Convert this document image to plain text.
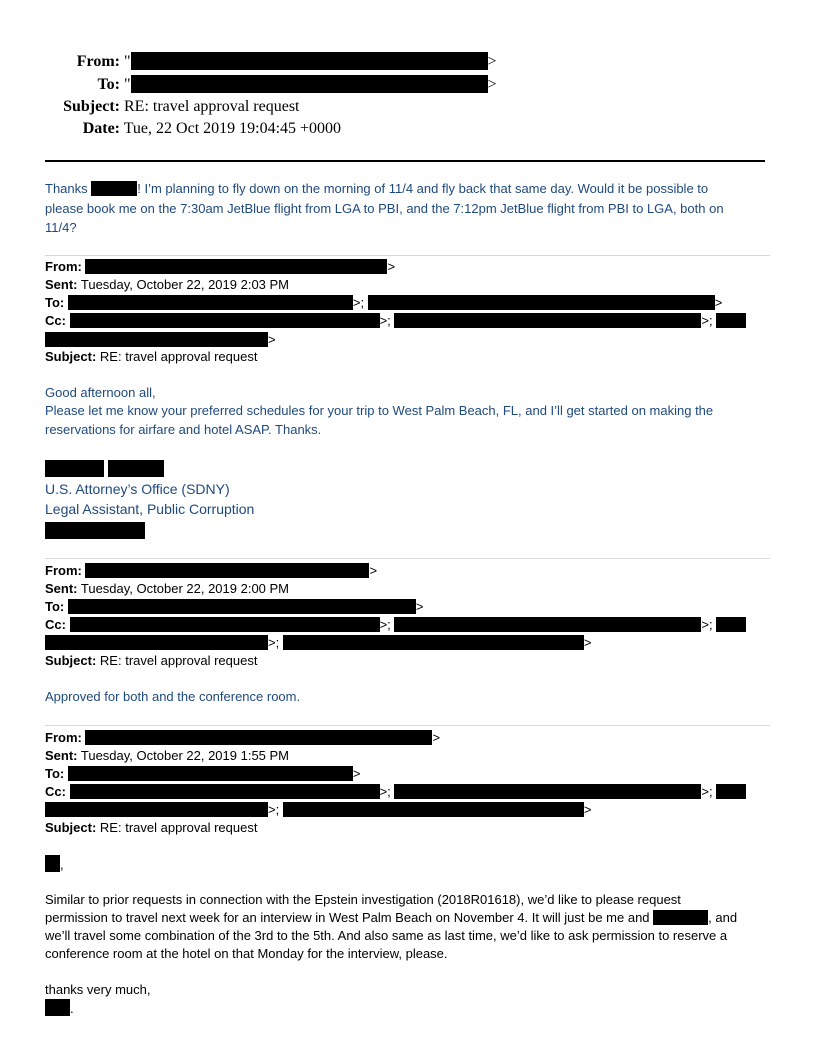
From: "	>
To: "	>
Subject: RE: travel approval request
Date: Tue, 22 Oct 2019 19:04:45 +0000
Thanks	! I’m planning to fly down on the morning of 11/4 and fly back that same day. Would it be possible to
please book me on the 7:30am JetBlue flight from LGA to PBI, and the 7:12pm JetBlue flight from PBI to LGA, both on
11/4?
From:	>
Sent: Tuesday, October 22, 2019 2:03 PM
To:	>;	>
Cc:	>;	>;
>
Subject: RE: travel approval request
Good afternoon all,
Please let me know your preferred schedules for your trip to West Palm Beach, FL, and I’ll get started on making the
reservations for airfare and hotel ASAP. Thanks.

U.S. Attorney’s Office (SDNY)
Legal Assistant, Public Corruption
From:	>
Sent: Tuesday, October 22, 2019 2:00 PM
To:	>
Cc:	>;	>;
>;	>
Subject: RE: travel approval request
Approved for both and the conference room.
From:	>
Sent: Tuesday, October 22, 2019 1:55 PM
To:	>
Cc:	>;	>;
>;	>
Subject: RE: travel approval request
,
Similar to prior requests in connection with the Epstein investigation (2018R01618), we’d like to please request
permission to travel next week for an interview in West Palm Beach on November 4. It will just be me and	, and
we’ll travel some combination of the 3rd to the 5th. And also same as last time, we’d like to ask permission to reserve a
conference room at the hotel on that Monday for the interview, please.
thanks very much,
.
